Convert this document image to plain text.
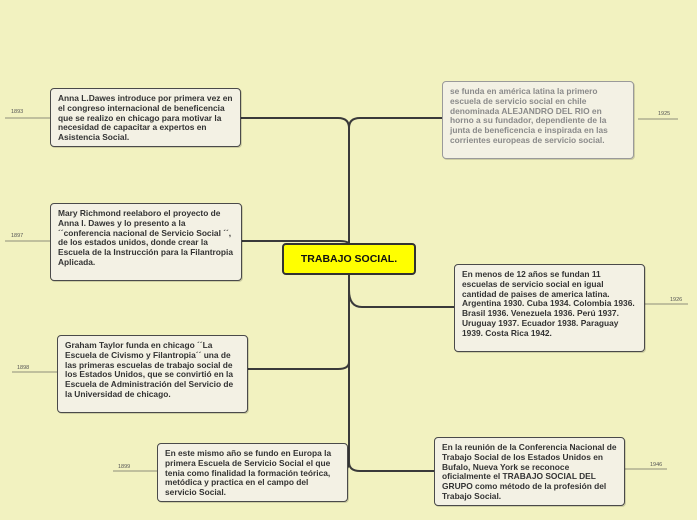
TRABAJO SOCIAL.
Anna L.Dawes introduce por primera vez en el congreso internacional de beneficencia que se realizo en chicago para motivar la necesidad de capacitar a expertos en Asistencia Social.
Mary Richmond reelaboro el proyecto de Anna I. Dawes y lo presento a la ´´conferencia nacional de Servicio Social ´´, de los estados unidos, donde crear la Escuela de la Instrucción para la Filantropia Aplicada.
Graham Taylor funda en chicago ´´La Escuela de Civismo y Filantropia´´ una de las primeras escuelas de trabajo social de los Estados Unidos, que se convirtió en la Escuela de Administración del Servicio de la Universidad de chicago.
En este mismo año se fundo en Europa la primera Escuela de Servicio Social el que tenia como finalidad la formación teórica, metódica y practica en el campo del servicio Social.
se funda en américa latina la primero escuela de servicio social en chile denominada ALEJANDRO DEL RIO en horno a su fundador, dependiente de la junta de beneficencia e inspirada en las corrientes europeas de servicio social.
En menos de 12 años se fundan 11 escuelas de servicio social en igual cantidad de paises de america latina. Argentina 1930. Cuba 1934. Colombia 1936. Brasil 1936. Venezuela 1936. Perú 1937. Uruguay 1937. Ecuador 1938. Paraguay 1939. Costa Rica 1942.
En la reunión de la Conferencia Nacional de Trabajo Social de los Estados Unidos en Bufalo, Nueva York se reconoce oficialmente el TRABAJO SOCIAL DEL GRUPO como método de la profesión del Trabajo Social.
1893
1897
1898
1899
1925
1926
1946
